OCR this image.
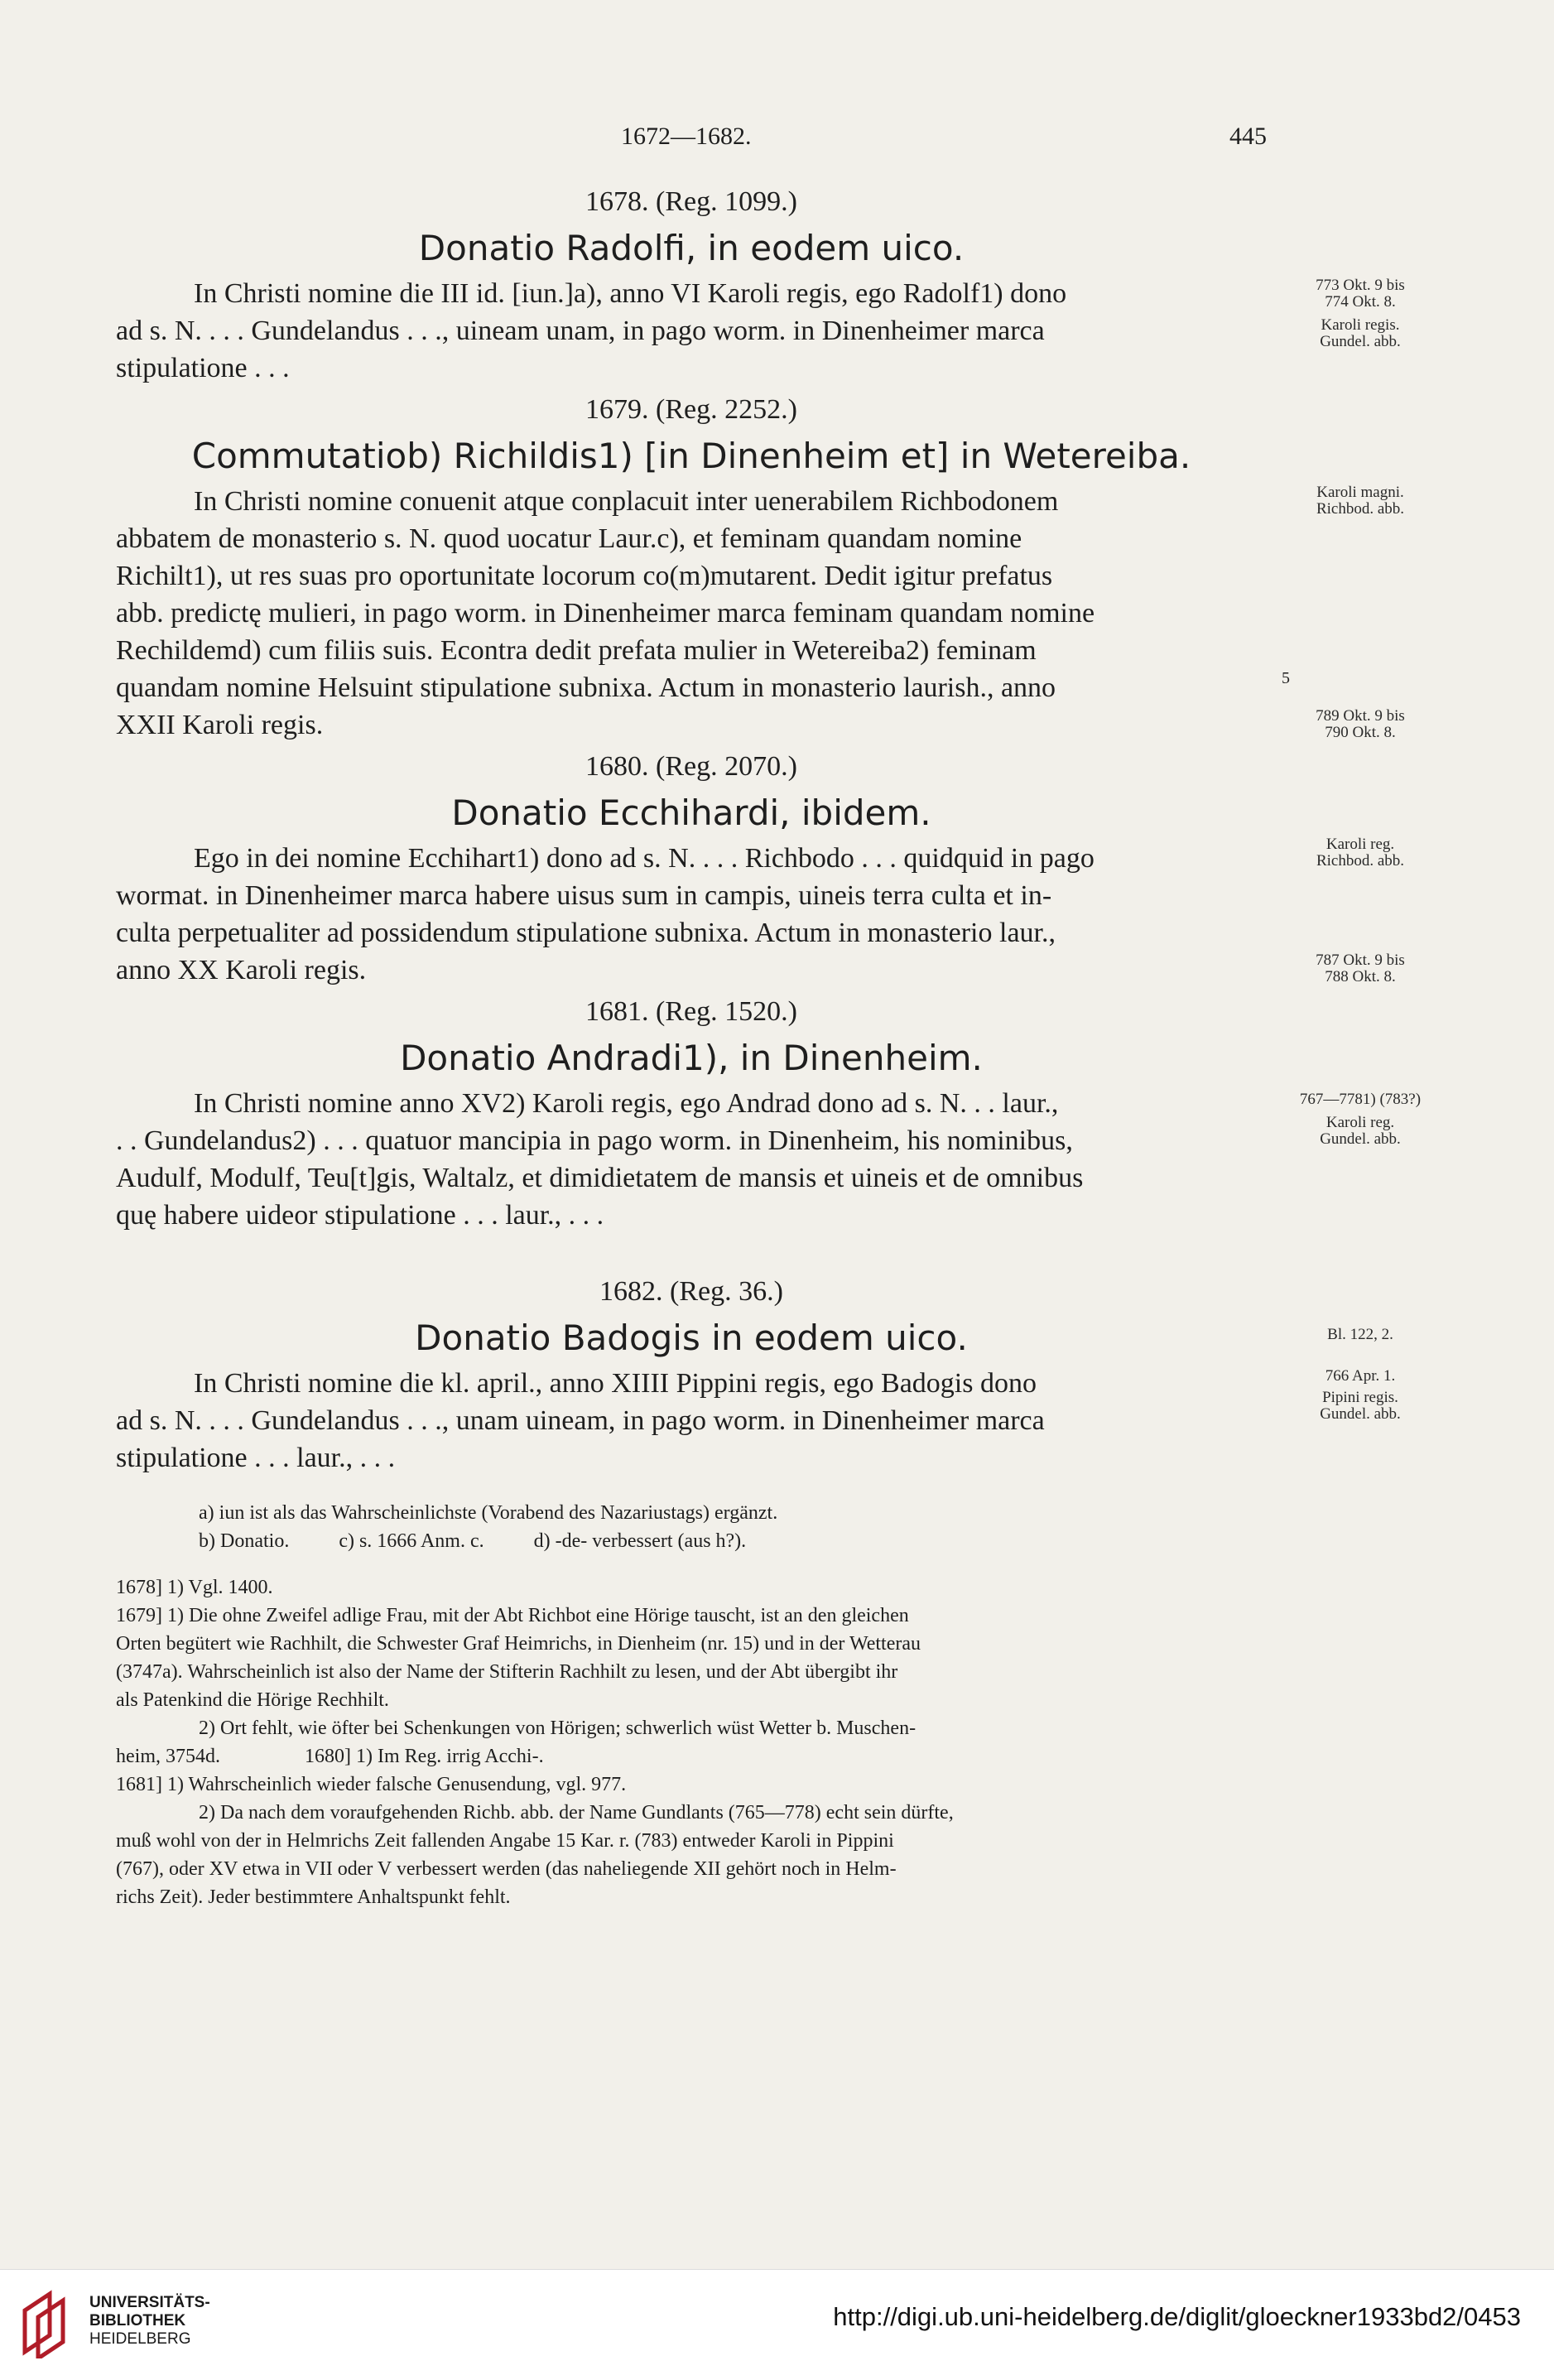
1672—1682.	445
1678. (Reg. 1099.)
Donatio Radolfi, in eodem uico.
In Christi nomine die III id. [iun.]a), anno VI Karoli regis, ego Radolf1) dono
ad s. N. . . . Gundelandus . . ., uineam unam, in pago worm. in Dinenheimer marca
stipulatione . . .
1679. (Reg. 2252.)
Commutatiob) Richildis1) [in Dinenheim et] in Wetereiba.
In Christi nomine conuenit atque conplacuit inter uenerabilem Richbodonem
abbatem de monasterio s. N. quod uocatur Laur.c), et feminam quandam nomine
Richilt1), ut res suas pro oportunitate locorum co(m)mutarent. Dedit igitur prefatus
abb. predictę mulieri, in pago worm. in Dinenheimer marca feminam quandam nomine
Rechildemd) cum filiis suis. Econtra dedit prefata mulier in Wetereiba2) feminam
quandam nomine Helsuint stipulatione subnixa. Actum in monasterio laurish., anno
XXII Karoli regis.
1680. (Reg. 2070.)
Donatio Ecchihardi, ibidem.
Ego in dei nomine Ecchihart1) dono ad s. N. . . . Richbodo . . . quidquid in pago
wormat. in Dinenheimer marca habere uisus sum in campis, uineis terra culta et in-
culta perpetualiter ad possidendum stipulatione subnixa. Actum in monasterio laur.,
anno XX Karoli regis.
1681. (Reg. 1520.)
Donatio Andradi1), in Dinenheim.
In Christi nomine anno XV2) Karoli regis, ego Andrad dono ad s. N. . . laur.,
. . Gundelandus2) . . . quatuor mancipia in pago worm. in Dinenheim, his nominibus,
Audulf, Modulf, Teu[t]gis, Waltalz, et dimidietatem de mansis et uineis et de omnibus
quę habere uideor stipulatione . . . laur., . . .
1682. (Reg. 36.)
Donatio Badogis in eodem uico.
In Christi nomine die kl. april., anno XIIII Pippini regis, ego Badogis dono
ad s. N. . . . Gundelandus . . ., unam uineam, in pago worm. in Dinenheimer marca
stipulatione . . . laur., . . .
773 Okt. 9 bis
774 Okt. 8.
Karoli regis.
Gundel. abb.
Karoli magni.
Richbod. abb.
5
789 Okt. 9 bis
790 Okt. 8.
Karoli reg.
Richbod. abb.
787 Okt. 9 bis
788 Okt. 8.
767—7781) (783?)
Karoli reg.
Gundel. abb.
Bl. 122, 2.
766 Apr. 1.
Pipini regis.
Gundel. abb.
a) iun ist als das Wahrscheinlichste (Vorabend des Nazariustags) ergänzt.
b) Donatio.          c) s. 1666 Anm. c.          d) -de- verbessert (aus h?).
1678] 1) Vgl. 1400.
1679] 1) Die ohne Zweifel adlige Frau, mit der Abt Richbot eine Hörige tauscht, ist an den gleichen
Orten begütert wie Rachhilt, die Schwester Graf Heimrichs, in Dienheim (nr. 15) und in der Wetterau
(3747a). Wahrscheinlich ist also der Name der Stifterin Rachhilt zu lesen, und der Abt übergibt ihr
als Patenkind die Hörige Rechhilt.
2) Ort fehlt, wie öfter bei Schenkungen von Hörigen; schwerlich wüst Wetter b. Muschen-
heim, 3754d.                 1680] 1) Im Reg. irrig Acchi-.
1681] 1) Wahrscheinlich wieder falsche Genusendung, vgl. 977.
2) Da nach dem voraufgehenden Richb. abb. der Name Gundlants (765—778) echt sein dürfte,
muß wohl von der in Helmrichs Zeit fallenden Angabe 15 Kar. r. (783) entweder Karoli in Pippini
(767), oder XV etwa in VII oder V verbessert werden (das naheliegende XII gehört noch in Helm-
richs Zeit). Jeder bestimmtere Anhaltspunkt fehlt.
UNIVERSITÄTS-
BIBLIOTHEK
HEIDELBERG
http://digi.ub.uni-heidelberg.de/diglit/gloeckner1933bd2/0453
